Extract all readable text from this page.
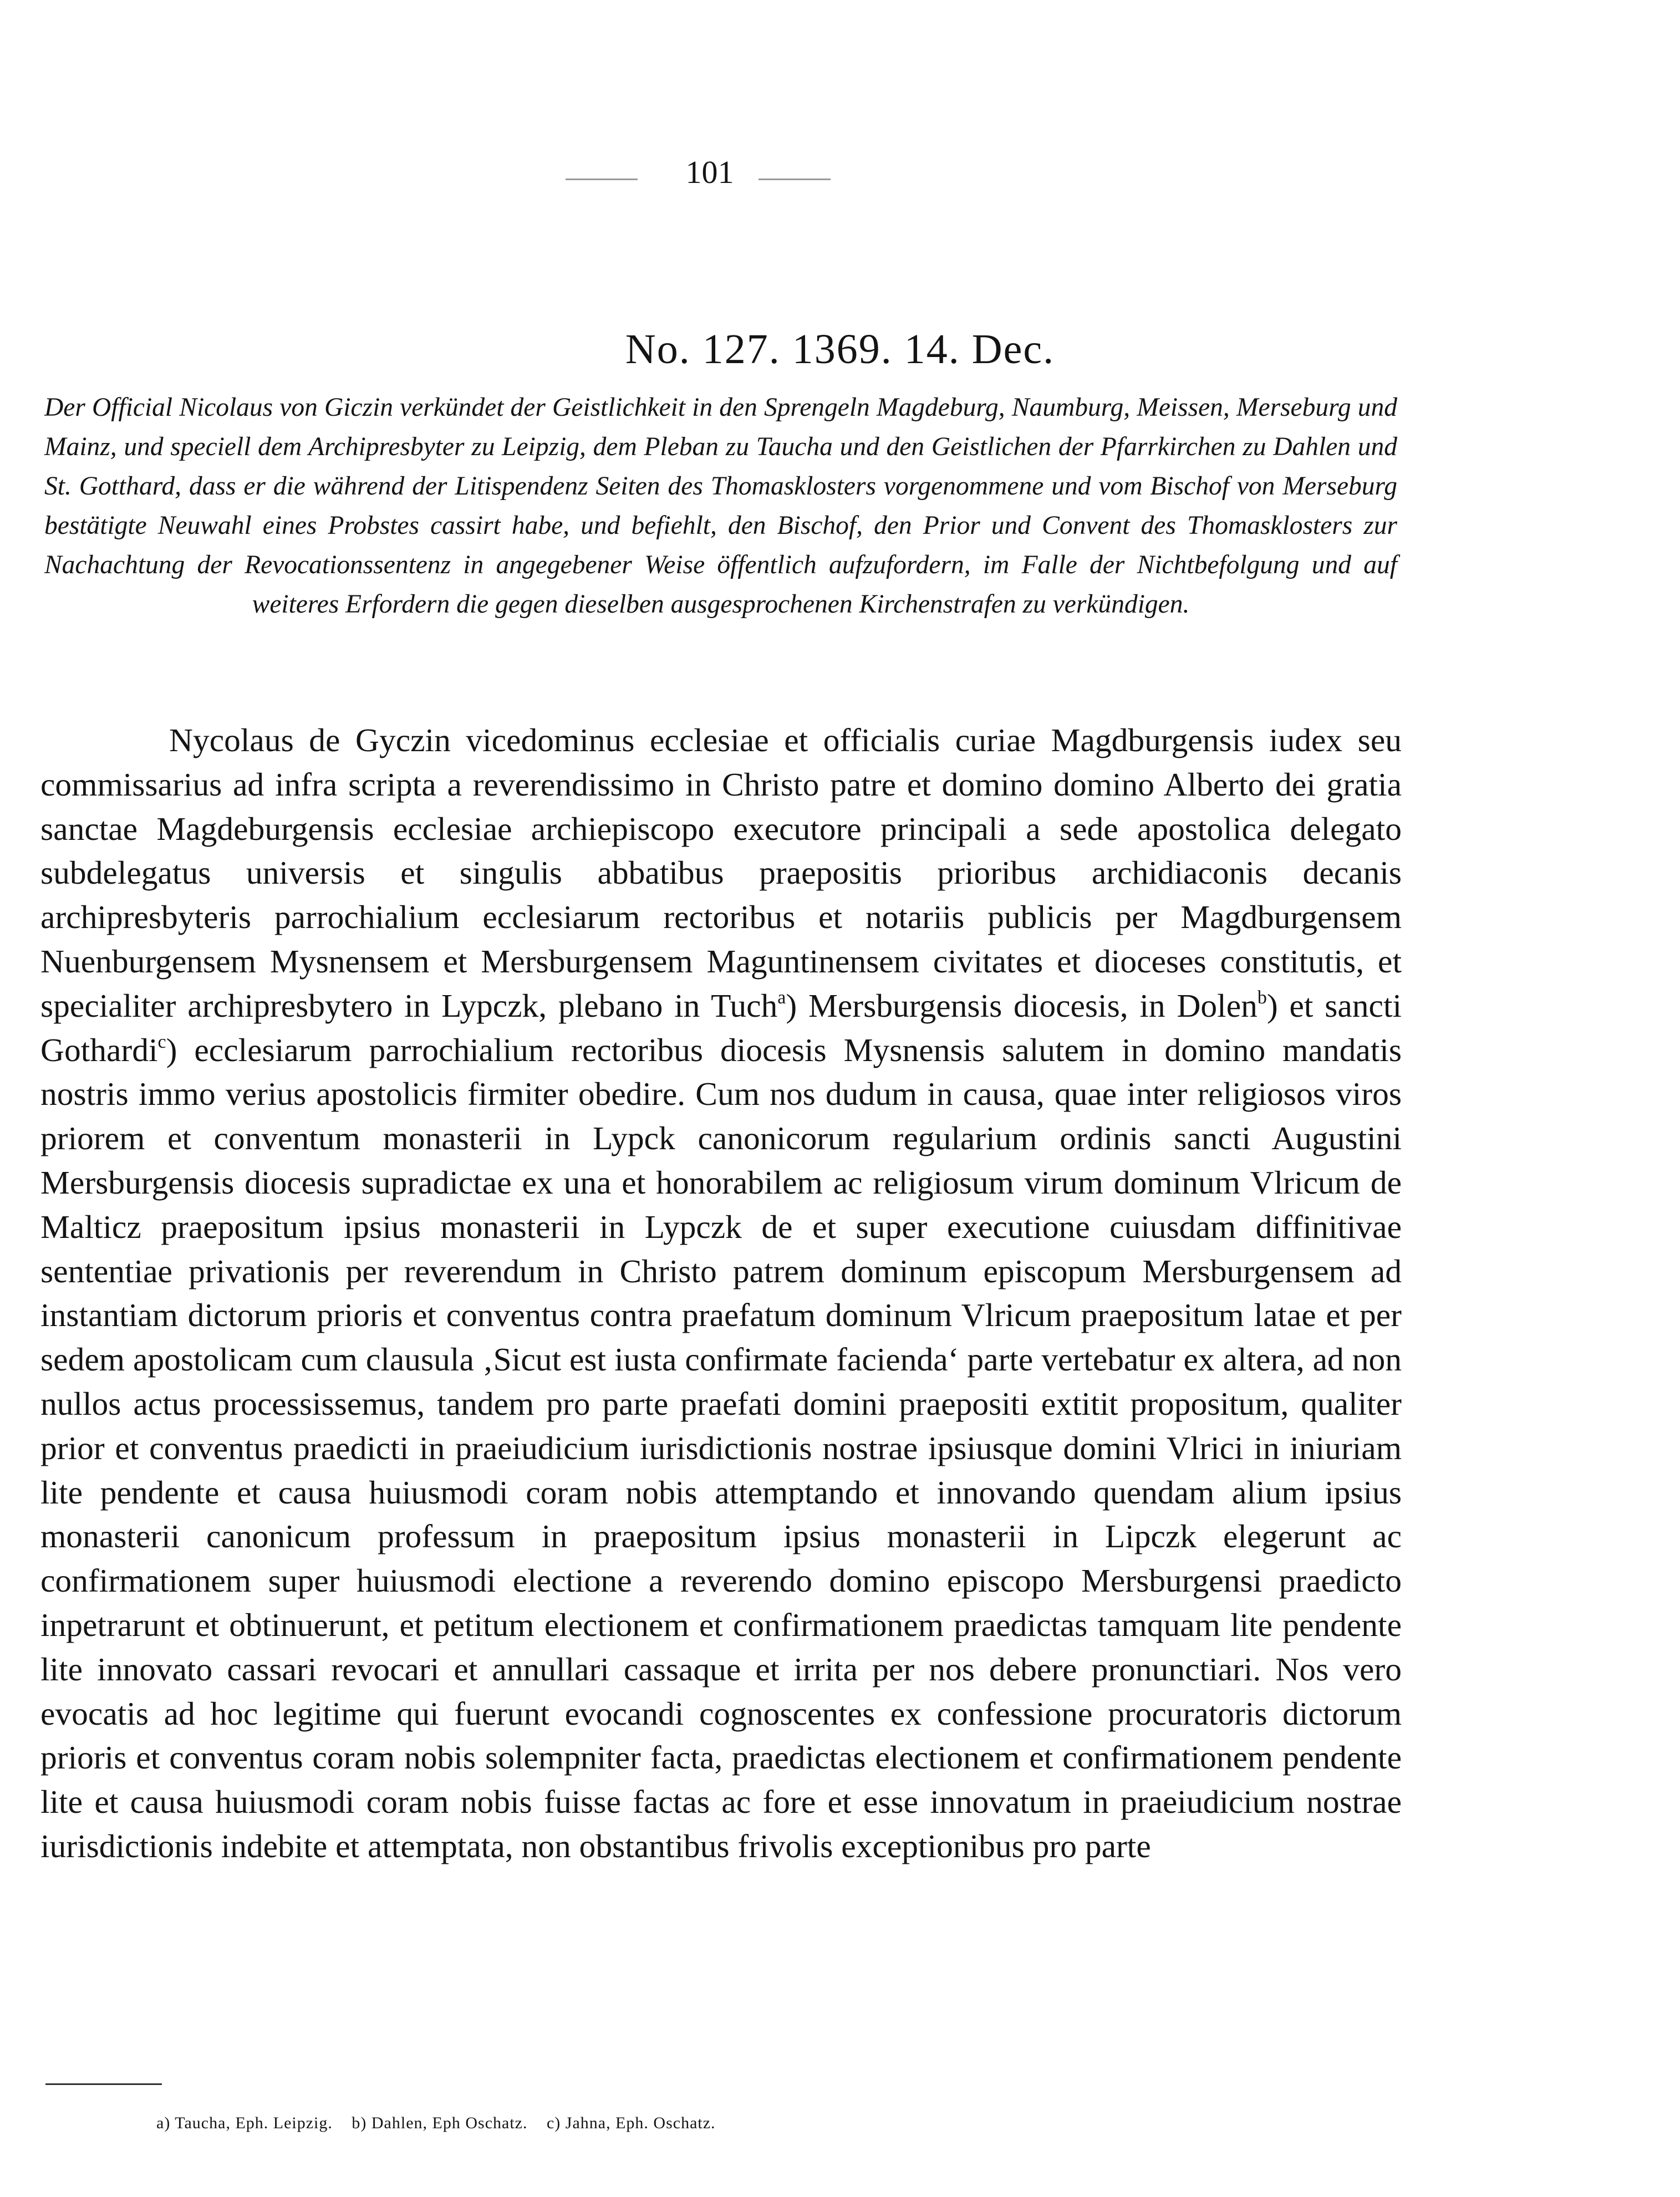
101
No. 127. 1369. 14. Dec.
Der Official Nicolaus von Giczin verkündet der Geistlichkeit in den Sprengeln Magdeburg, Naumburg, Meissen, Merseburg und Mainz, und speciell dem Archipresbyter zu Leipzig, dem Pleban zu Taucha und den Geistlichen der Pfarrkirchen zu Dahlen und St. Gotthard, dass er die während der Litispendenz Seiten des Thomasklosters vorgenommene und vom Bischof von Merseburg bestätigte Neuwahl eines Probstes cassirt habe, und befiehlt, den Bischof, den Prior und Convent des Thomasklosters zur Nachachtung der Revocationssentenz in angegebener Weise öffentlich aufzufordern, im Falle der Nichtbefolgung und auf weiteres Erfordern die gegen dieselben ausgesprochenen Kirchenstrafen zu verkündigen.
Nycolaus de Gyczin vicedominus ecclesiae et officialis curiae Magdburgensis iudex seu commissarius ad infra scripta a reverendissimo in Christo patre et domino domino Alberto dei gratia sanctae Magdeburgensis ecclesiae archiepiscopo executore principali a sede apostolica delegato subdelegatus universis et singulis abbatibus praepositis prioribus archidiaconis decanis archipresbyteris parrochialium ecclesiarum rectoribus et notariis publicis per Magdburgensem Nuenburgensem Mysnensem et Mersburgensem Maguntinensem civitates et dioceses constitutis, et specialiter archipresbytero in Lypczk, plebano in Tuch$^a$) Mersburgensis diocesis, in Dolen$^b$) et sancti Gothardi$^c$) ecclesiarum parrochialium rectoribus diocesis Mysnensis salutem in domino mandatis nostris immo verius apostolicis firmiter obedire. Cum nos dudum in causa, quae inter religiosos viros priorem et conventum monasterii in Lypck canonicorum regularium ordinis sancti Augustini Mersburgensis diocesis supradictae ex una et honorabilem ac religiosum virum dominum Vlricum de Malticz praepositum ipsius monasterii in Lypczk de et super executione cuiusdam diffinitivae sententiae privationis per reverendum in Christo patrem dominum episcopum Mersburgensem ad instantiam dictorum prioris et conventus contra praefatum dominum Vlricum praepositum latae et per sedem apostolicam cum clausula ‚Sicut est iusta confirmate facienda‘ parte vertebatur ex altera, ad non nullos actus processissemus, tandem pro parte praefati domini praepositi extitit propositum, qualiter prior et conventus praedicti in praeiudicium iurisdictionis nostrae ipsiusque domini Vlrici in iniuriam lite pendente et causa huiusmodi coram nobis attemptando et innovando quendam alium ipsius monasterii canonicum professum in praepositum ipsius monasterii in Lipczk elegerunt ac confirmationem super huiusmodi electione a reverendo domino episcopo Mersburgensi praedicto inpetrarunt et obtinuerunt, et petitum electionem et confirmationem praedictas tamquam lite pendente lite innovato cassari revocari et annullari cassaque et irrita per nos debere pronunctiari. Nos vero evocatis ad hoc legitime qui fuerunt evocandi cognoscentes ex confessione procuratoris dictorum prioris et conventus coram nobis solempniter facta, praedictas electionem et confirmationem pendente lite et causa huiusmodi coram nobis fuisse factas ac fore et esse innovatum in praeiudicium nostrae iurisdictionis indebite et attemptata, non obstantibus frivolis exceptionibus pro parte
a) Taucha, Eph. Leipzig. b) Dahlen, Eph Oschatz. c) Jahna, Eph. Oschatz.
